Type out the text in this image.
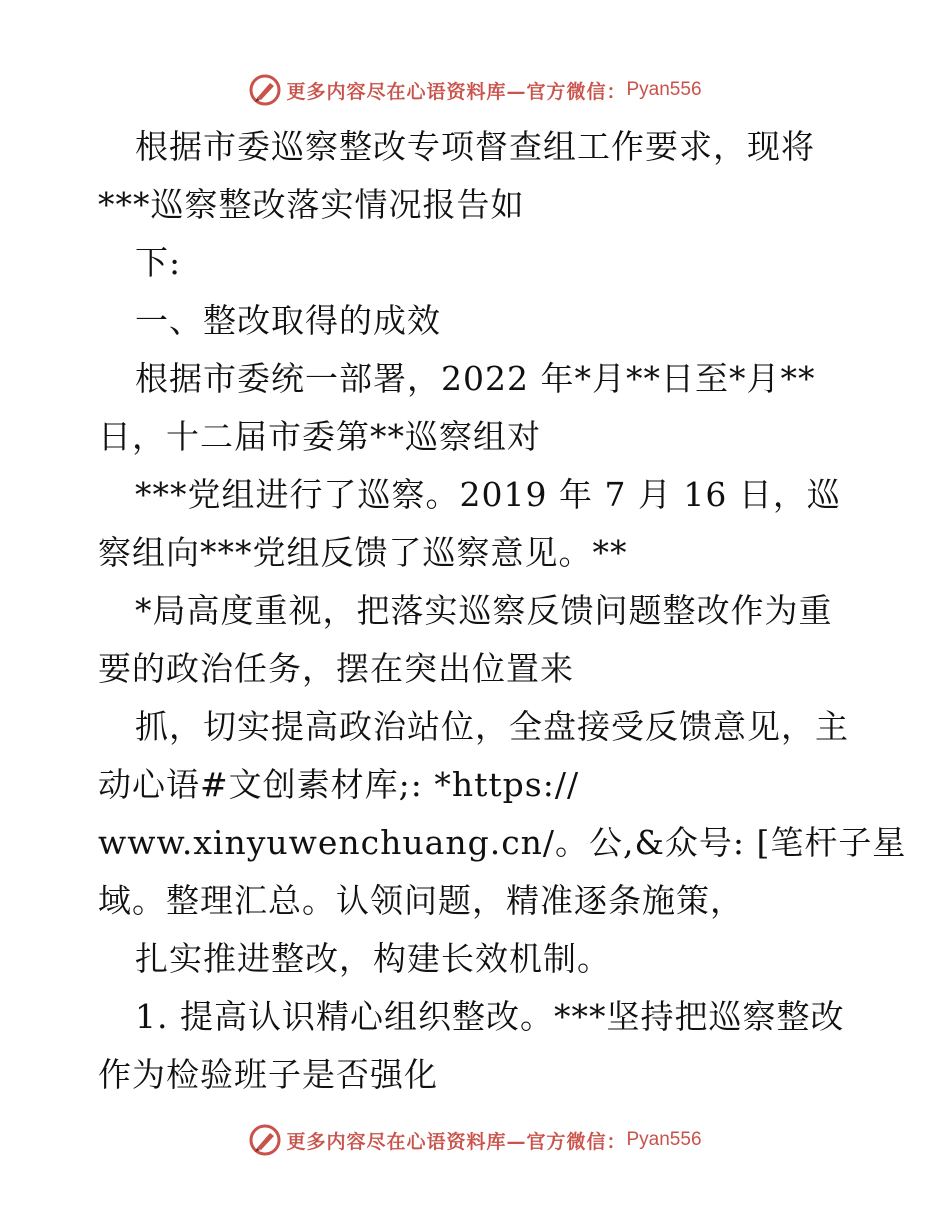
更多内容尽在心语资料库—官方微信： Pyan556
根据市委巡察整改专项督查组工作要求，现将
***巡察整改落实情况报告如
下:
一、整改取得的成效
根据市委统一部署，2022 年*月**日至*月**
日，十二届市委第**巡察组对
***党组进行了巡察。2019 年 7 月 16 日，巡
察组向***党组反馈了巡察意见。**
*局高度重视，把落实巡察反馈问题整改作为重
要的政治任务，摆在突出位置来
抓，切实提高政治站位，全盘接受反馈意见，主
动心语#文创素材库;: *https://
www.xinyuwenchuang.cn/。公,&众号: [笔杆子星
域。整理汇总。认领问题，精准逐条施策，
扎实推进整改，构建长效机制。
1. 提高认识精心组织整改。***坚持把巡察整改
作为检验班子是否强化
更多内容尽在心语资料库—官方微信： Pyan556
